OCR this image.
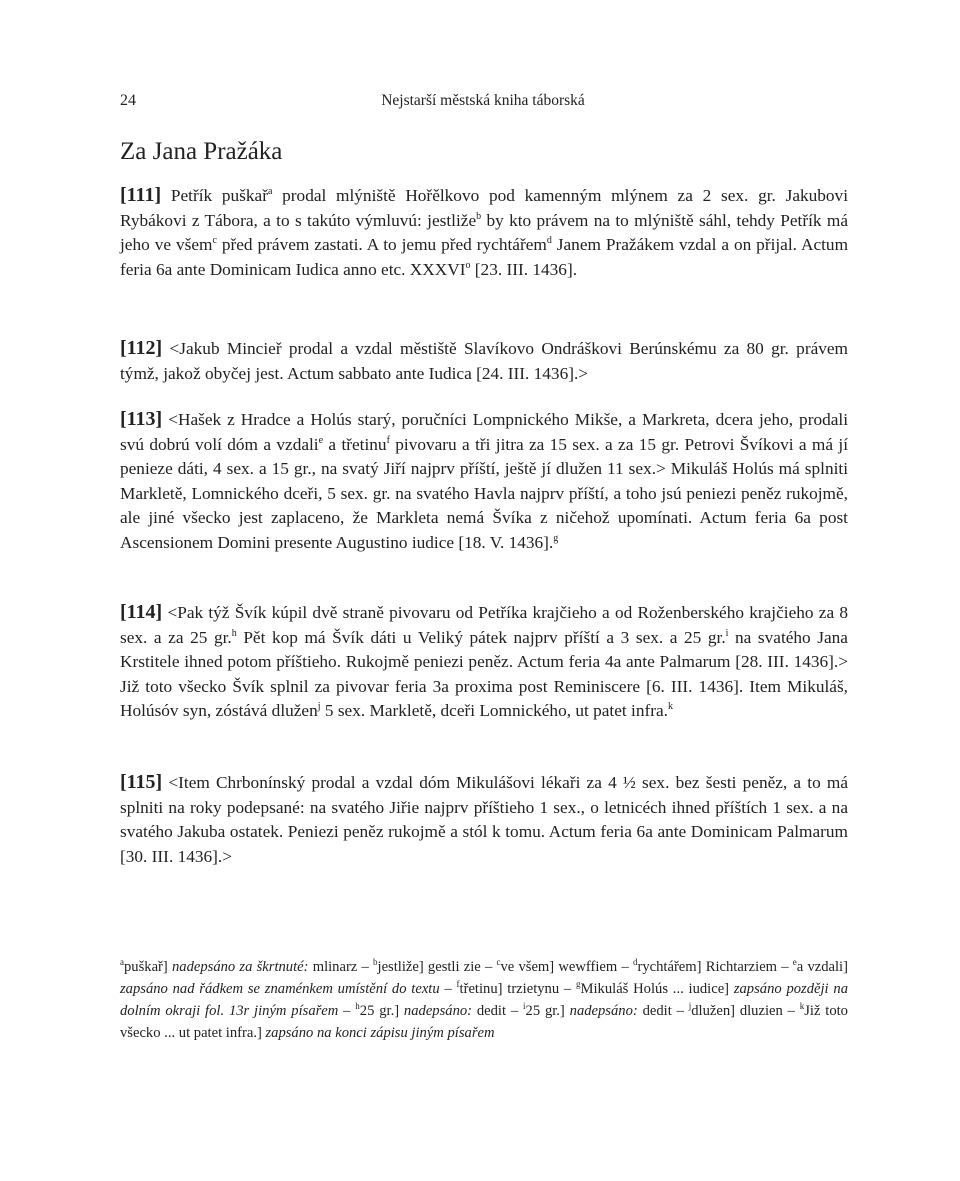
24	Nejstarší městská kniha táborská
Za Jana Pražáka

[111] Petřík puškař$^a$ prodal mlýniště Hořělkovo pod kamenným mlýnem za 2 sex. gr. Jakubovi Rybákovi z Tábora, a to s takúto výmluvú: jestliže$^b$ by kto právem na to mlýniště sáhl, tehdy Petřík má jeho ve všem$^c$ před právem zastati. A to jemu před rychtářem$^d$ Janem Pražákem vzdal a on přijal. Actum feria 6a ante Dominicam Iudica anno etc. XXXVI$^o$ [23. III. 1436].

[112] <Jakub Mincieř prodal a vzdal městiště Slavíkovo Ondráškovi Berúnskému za 80 gr. právem týmž, jakož obyčej jest. Actum sabbato ante Iudica [24. III. 1436].>

[113] <Hašek z Hradce a Holús starý, poručníci Lompnického Mikše, a Markreta, dcera jeho, prodali svú dobrú volí dóm a vzdali$^e$ a třetinu$^f$ pivovaru a tři jitra za 15 sex. a za 15 gr. Petrovi Švíkovi a má jí penieze dáti, 4 sex. a 15 gr., na svatý Jiří najprv příští, ještě jí dlužen 11 sex.> Mikuláš Holús má splniti Markletě, Lomnického dceři, 5 sex. gr. na svatého Havla najprv příští, a toho jsú peniezi peněz rukojmě, ale jiné všecko jest zaplaceno, že Markleta nemá Švíka z ničehož upomínati. Actum feria 6a post Ascensionem Domini presente Augustino iudice [18. V. 1436].$^g$

[114] <Pak týž Švík kúpil dvě straně pivovaru od Petříka krajčieho a od Roženberského krajčieho za 8 sex. a za 25 gr.$^h$ Pět kop má Švík dáti u Veliký pátek najprv příští a 3 sex. a 25 gr.$^i$ na svatého Jana Krstitele ihned potom příštieho. Rukojmě peniezi peněz. Actum feria 4a ante Palmarum [28. III. 1436].> Již toto všecko Švík splnil za pivovar feria 3a proxima post Reminiscere [6. III. 1436]. Item Mikuláš, Holúsóv syn, zóstává dlužen$^j$ 5 sex. Markletě, dceři Lomnického, ut patet infra.$^k$

[115] <Item Chrbonínský prodal a vzdal dóm Mikulášovi lékaři za 4 ½ sex. bez šesti peněz, a to má splniti na roky podepsané: na svatého Jiřie najprv příštieho 1 sex., o letnicéch ihned příštích 1 sex. a na svatého Jakuba ostatek. Peniezi peněz rukojmě a stól k tomu. Actum feria 6a ante Dominicam Palmarum [30. III. 1436].>

$^a$puškař] nadepsáno za škrtnuté: mlinarz – $^b$jestliže] gestli zie – $^c$ve všem] wewffiem – $^d$rychtářem] Richtarziem – $^e$a vzdali] zapsáno nad řádkem se znaménkem umístění do textu – $^f$třetinu] trzietynu – $^g$Mikuláš Holús ... iudice] zapsáno později na dolním okraji fol. 13r jiným písařem – $^h$25 gr.] nadepsáno: dedit – $^i$25 gr.] nadepsáno: dedit – $^j$dlužen] dluzien – $^k$Již toto všecko ... ut patet infra.] zapsáno na konci zápisu jiným písařem
